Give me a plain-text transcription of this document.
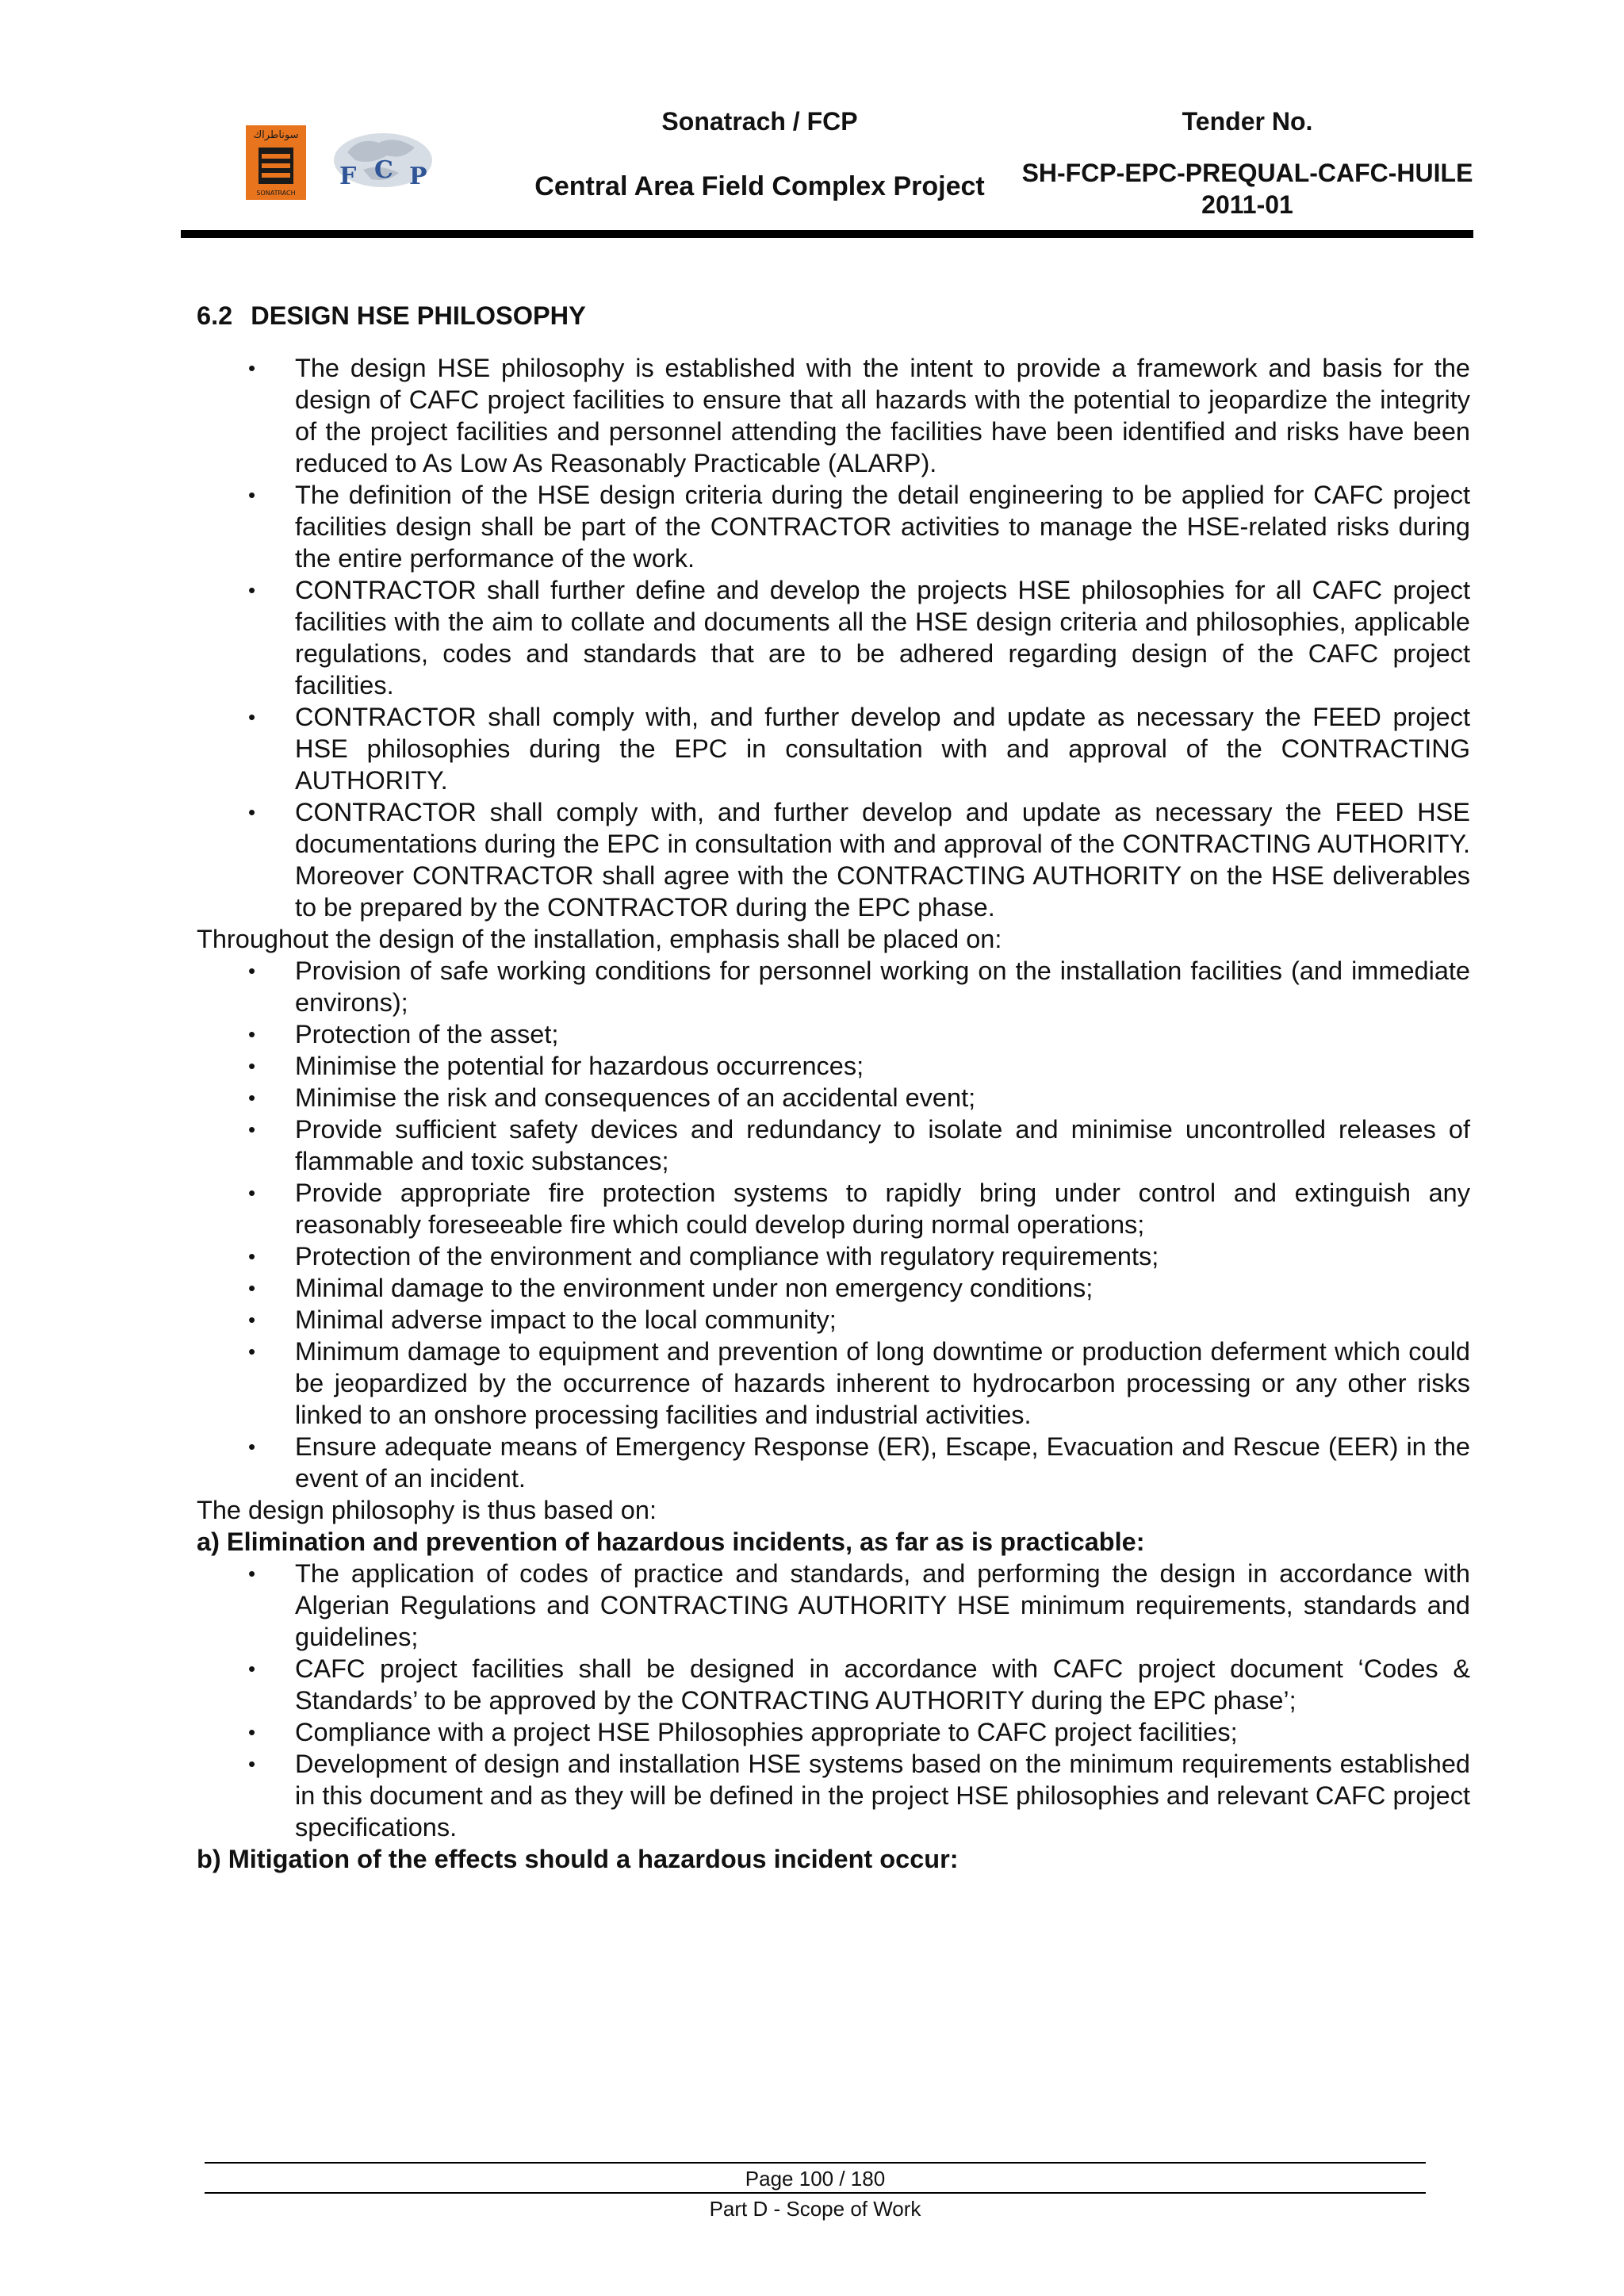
سوناطراك
SONATRACH
F C P
Sonatrach / FCP
Central Area Field Complex Project
Tender No.
SH-FCP-EPC-PREQUAL-CAFC-HUILE 2011-01
6.2 DESIGN HSE PHILOSOPHY
• The design HSE philosophy is established with the intent to provide a framework and basis for the design of CAFC project facilities to ensure that all hazards with the potential to jeopardize the integrity of the project facilities and personnel attending the facilities have been identified and risks have been reduced to As Low As Reasonably Practicable (ALARP).
• The definition of the HSE design criteria during the detail engineering to be applied for CAFC project facilities design shall be part of the CONTRACTOR activities to manage the HSE-related risks during the entire performance of the work.
• CONTRACTOR shall further define and develop the projects HSE philosophies for all CAFC project facilities with the aim to collate and documents all the HSE design criteria and philosophies, applicable regulations, codes and standards that are to be adhered regarding design of the CAFC project facilities.
• CONTRACTOR shall comply with, and further develop and update as necessary the FEED project HSE philosophies during the EPC in consultation with and approval of the CONTRACTING AUTHORITY.
• CONTRACTOR shall comply with, and further develop and update as necessary the FEED HSE documentations during the EPC in consultation with and approval of the CONTRACTING AUTHORITY. Moreover CONTRACTOR shall agree with the CONTRACTING AUTHORITY on the HSE deliverables to be prepared by the CONTRACTOR during the EPC phase.

Throughout the design of the installation, emphasis shall be placed on:

• Provision of safe working conditions for personnel working on the installation facilities (and immediate environs);
• Protection of the asset;
• Minimise the potential for hazardous occurrences;
• Minimise the risk and consequences of an accidental event;
• Provide sufficient safety devices and redundancy to isolate and minimise uncontrolled releases of flammable and toxic substances;
• Provide appropriate fire protection systems to rapidly bring under control and extinguish any reasonably foreseeable fire which could develop during normal operations;
• Protection of the environment and compliance with regulatory requirements;
• Minimal damage to the environment under non emergency conditions;
• Minimal adverse impact to the local community;
• Minimum damage to equipment and prevention of long downtime or production deferment which could be jeopardized by the occurrence of hazards inherent to hydrocarbon processing or any other risks linked to an onshore processing facilities and industrial activities.
• Ensure adequate means of Emergency Response (ER), Escape, Evacuation and Rescue (EER) in the event of an incident.

The design philosophy is thus based on:

a) Elimination and prevention of hazardous incidents, as far as is practicable:

• The application of codes of practice and standards, and performing the design in accordance with Algerian Regulations and CONTRACTING AUTHORITY HSE minimum requirements, standards and guidelines;
• CAFC project facilities shall be designed in accordance with CAFC project document ‘Codes & Standards’ to be approved by the CONTRACTING AUTHORITY during the EPC phase’;
• Compliance with a project HSE Philosophies appropriate to CAFC project facilities;
• Development of design and installation HSE systems based on the minimum requirements established in this document and as they will be defined in the project HSE philosophies and relevant CAFC project specifications.

b) Mitigation of the effects should a hazardous incident occur:

Page 100 / 180
Part D - Scope of Work
